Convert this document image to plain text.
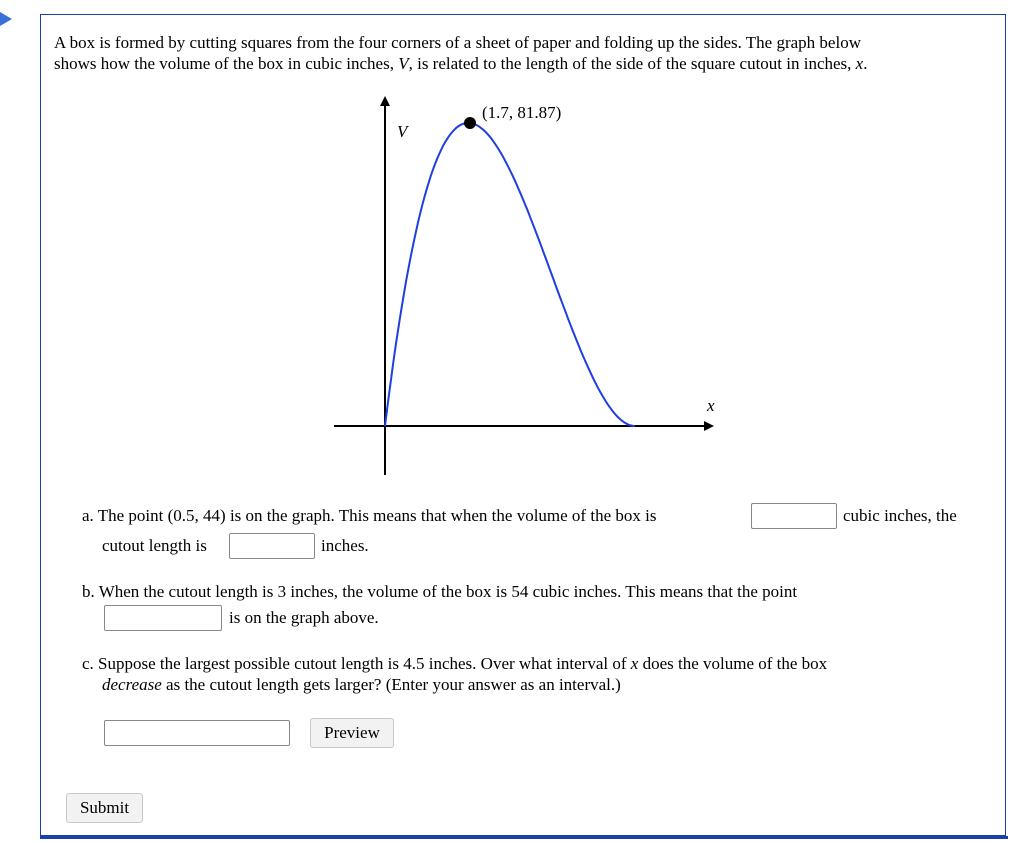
A box is formed by cutting squares from the four corners of a sheet of paper and folding up the sides. The graph below
shows how the volume of the box in cubic inches, V, is related to the length of the side of the square cutout in inches, x.
(1.7, 81.87)
V
x
a. The point (0.5, 44) is on the graph. This means that when the volume of the box is	cubic inches, the
cutout length is	inches.
b. When the cutout length is 3 inches, the volume of the box is 54 cubic inches. This means that the point
is on the graph above.
c. Suppose the largest possible cutout length is 4.5 inches. Over what interval of x does the volume of the box
decrease as the cutout length gets larger? (Enter your answer as an interval.)
Preview
Submit
